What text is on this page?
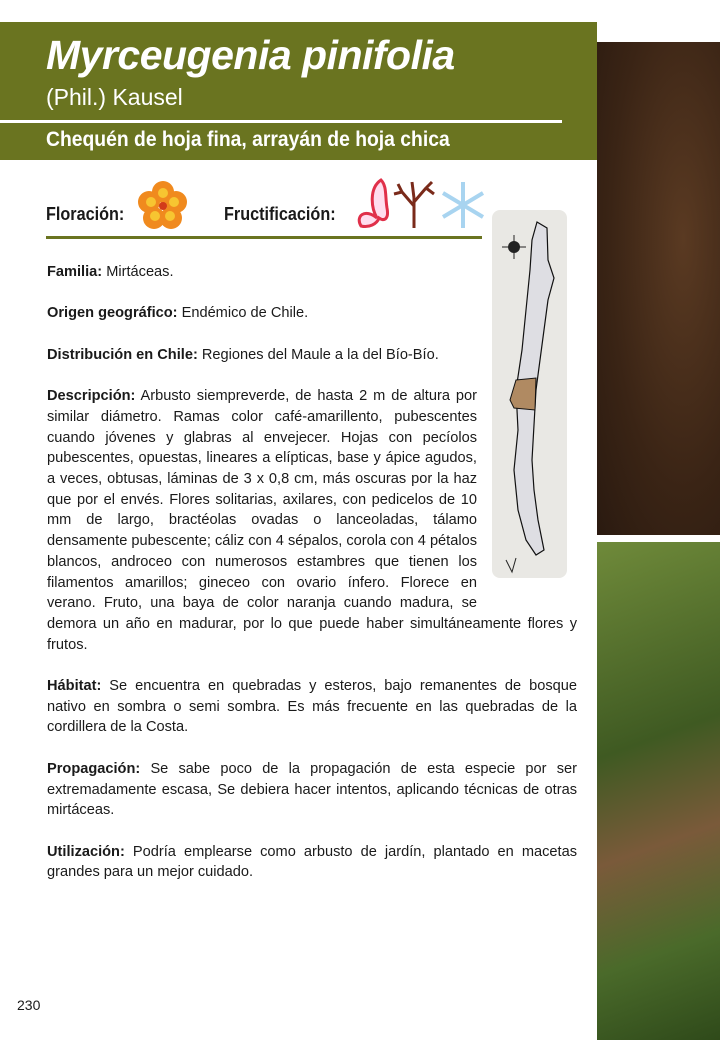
Myrceugenia pinifolia
(Phil.) Kausel
Chequén de hoja fina, arrayán de hoja chica
Floración:	Fructificación:

Familia: Mirtáceas.

Origen geográfico: Endémico de Chile.

Distribución en Chile: Regiones del Maule a la del Bío-Bío.

Descripción: Arbusto siempreverde, de hasta 2 m de altura por similar diámetro. Ramas color café-amarillento, pubescentes cuando jóvenes y glabras al envejecer. Hojas con pecíolos pubescentes, opuestas, lineares a elípticas, base y ápice agudos, a veces, obtusas, láminas de 3 x 0,8 cm, más oscuras por la haz que por el envés. Flores solitarias, axilares, con pedicelos de 10 mm de largo, bractéolas ovadas o lanceoladas, tálamo densamente pubescente; cáliz con 4 sépalos, corola con 4 pétalos blancos, androceo con numerosos estambres que tienen los filamentos amarillos; gineceo con ovario ínfero. Florece en verano. Fruto, una baya de color naranja cuando madura, se demora un año en madurar, por lo que puede haber simultáneamente flores y frutos.

Hábitat: Se encuentra en quebradas y esteros, bajo remanentes de bosque nativo en sombra o semi sombra. Es más frecuente en las quebradas de la cordillera de la Costa.

Propagación: Se sabe poco de la propagación de esta especie por ser extremadamente escasa, Se debiera hacer intentos, aplicando técnicas de otras mirtáceas.

Utilización: Podría emplearse como arbusto de jardín, plantado en macetas grandes para un mejor cuidado.

230
